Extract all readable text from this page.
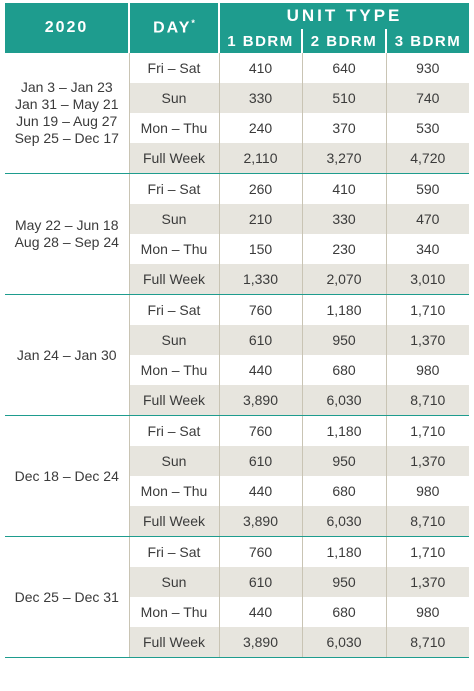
2020	DAY*	UNIT TYPE		
		1 BDRM	2 BDRM	3 BDRM

Jan 3 – Jan 23
Jan 31 – May 21
Jun 19 – Aug 27
Sep 25 – Dec 17	Fri – Sat	410	640	930
	Sun	330	510	740
	Mon – Thu	240	370	530
	Full Week	2,110	3,270	4,720

May 22 – Jun 18
Aug 28 – Sep 24	Fri – Sat	260	410	590
	Sun	210	330	470
	Mon – Thu	150	230	340
	Full Week	1,330	2,070	3,010

Jan 24 – Jan 30	Fri – Sat	760	1,180	1,710
	Sun	610	950	1,370
	Mon – Thu	440	680	980
	Full Week	3,890	6,030	8,710

Dec 18 – Dec 24	Fri – Sat	760	1,180	1,710
	Sun	610	950	1,370
	Mon – Thu	440	680	980
	Full Week	3,890	6,030	8,710

Dec 25 – Dec 31	Fri – Sat	760	1,180	1,710
	Sun	610	950	1,370
	Mon – Thu	440	680	980
	Full Week	3,890	6,030	8,710
